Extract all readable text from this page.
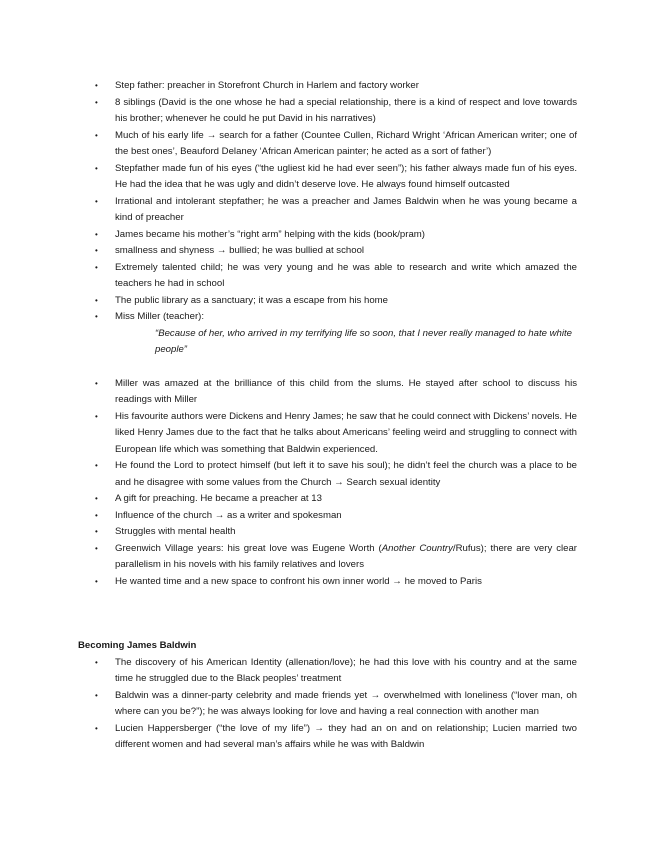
•	Step father: preacher in Storefront Church in Harlem and factory worker
•	8 siblings (David is the one whose he had a special relationship, there is a kind of respect and love towards his brother; whenever he could he put David in his narratives)
•	Much of his early life → search for a father (Countee Cullen, Richard Wright ‘African American writer; one of the best ones’, Beauford Delaney ‘African American painter; he acted as a sort of father’)
•	Stepfather made fun of his eyes (“the ugliest kid he had ever seen”); his father always made fun of his eyes. He had the idea that he was ugly and didn’t deserve love. He always found himself outcasted
•	Irrational and intolerant stepfather; he was a preacher and James Baldwin when he was young became a kind of preacher
•	James became his mother’s “right arm” helping with the kids (book/pram)
•	smallness and shyness → bullied; he was bullied at school
•	Extremely talented child; he was very young and he was able to research and write which amazed the teachers he had in school
•	The public library as a sanctuary; it was a escape from his home
•	Miss Miller (teacher):
“Because of her, who arrived in my terrifying life so soon, that I never really managed to hate white people”
•	Miller was amazed at the brilliance of this child from the slums. He stayed after school to discuss his readings with Miller
•	His favourite authors were Dickens and Henry James; he saw that he could connect with Dickens’ novels. He liked Henry James due to the fact that he talks about Americans’ feeling weird and struggling to connect with European life which was something that Baldwin experienced.
•	He found the Lord to protect himself (but left it to save his soul); he didn’t feel the church was a place to be and he disagree with some values from the Church → Search sexual identity
•	A gift for preaching. He became a preacher at 13
•	Influence of the church → as a writer and spokesman
•	Struggles with mental health
•	Greenwich Village years: his great love was Eugene Worth (Another Country/Rufus); there are very clear parallelism in his novels with his family relatives and lovers
•	He wanted time and a new space to confront his own inner world → he moved to Paris
Becoming James Baldwin
•	The discovery of his American Identity (allenation/love); he had this love with his country and at the same time he struggled due to the Black peoples’ treatment
•	Baldwin was a dinner-party celebrity and made friends yet → overwhelmed with loneliness (“lover man, oh where can you be?”); he was always looking for love and having a real connection with another man
•	Lucien Happersberger (“the love of my life”) → they had an on and on relationship; Lucien married two different women and had several man’s affairs while he was with Baldwin
